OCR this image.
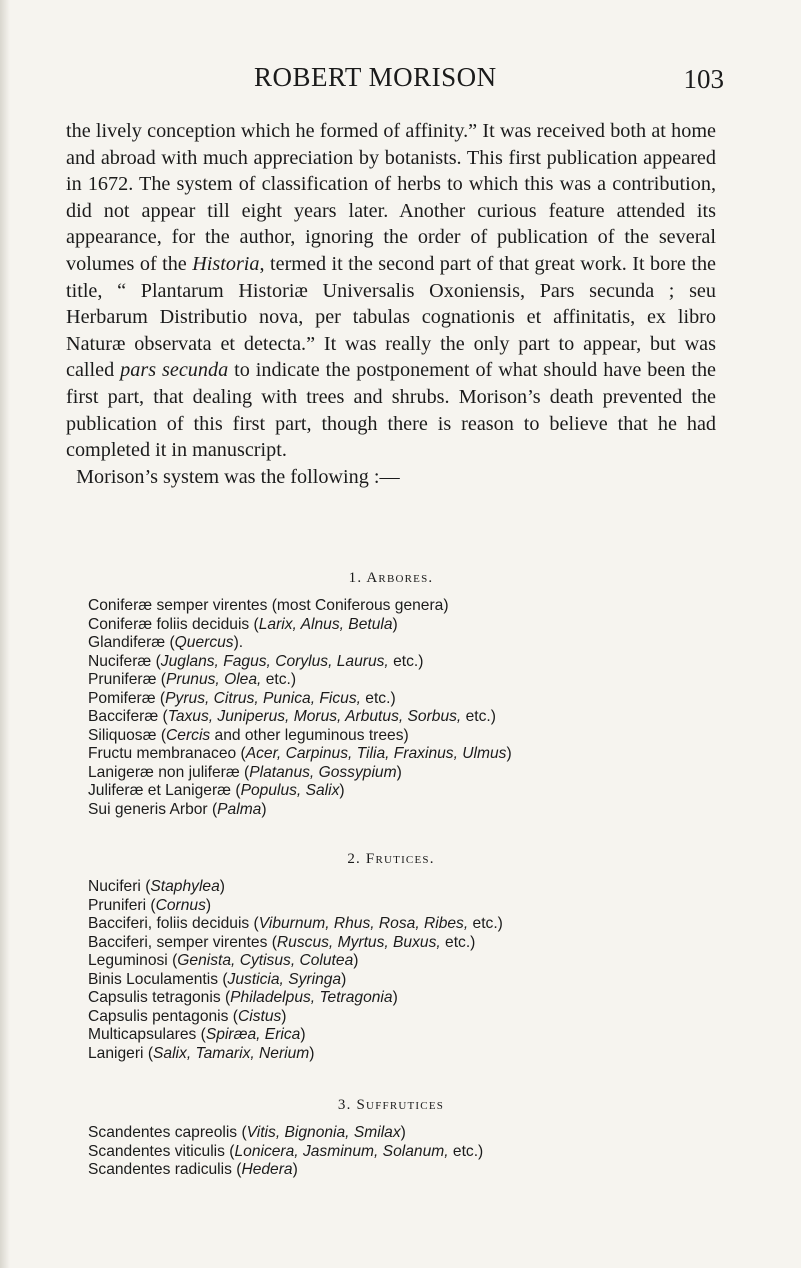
ROBERT MORISON	103

the lively conception which he formed of affinity.” It was received both at home and abroad with much appreciation by botanists. This first publication appeared in 1672. The system of classification of herbs to which this was a contribution, did not appear till eight years later. Another curious feature attended its appearance, for the author, ignoring the order of publication of the several volumes of the Historia, termed it the second part of that great work. It bore the title, “ Plantarum Historiæ Universalis Oxoniensis, Pars secunda ; seu Herbarum Distributio nova, per tabulas cognationis et affinitatis, ex libro Naturæ observata et detecta.” It was really the only part to appear, but was called pars secunda to indicate the postponement of what should have been the first part, that dealing with trees and shrubs. Morison’s death prevented the publication of this first part, though there is reason to believe that he had completed it in manuscript.

 Morison’s system was the following :—

1. Arbores.
Coniferæ semper virentes (most Coniferous genera)
Coniferæ foliis deciduis (Larix, Alnus, Betula)
Glandiferæ (Quercus).
Nuciferæ (Juglans, Fagus, Corylus, Laurus, etc.)
Pruniferæ (Prunus, Olea, etc.)
Pomiferæ (Pyrus, Citrus, Punica, Ficus, etc.)
Bacciferæ (Taxus, Juniperus, Morus, Arbutus, Sorbus, etc.)
Siliquosæ (Cercis and other leguminous trees)
Fructu membranaceo (Acer, Carpinus, Tilia, Fraxinus, Ulmus)
Lanigeræ non juliferæ (Platanus, Gossypium)
Juliferæ et Lanigeræ (Populus, Salix)
Sui generis Arbor (Palma)
2. Frutices.
Nuciferi (Staphylea)
Pruniferi (Cornus)
Bacciferi, foliis deciduis (Viburnum, Rhus, Rosa, Ribes, etc.)
Bacciferi, semper virentes (Ruscus, Myrtus, Buxus, etc.)
Leguminosi (Genista, Cytisus, Colutea)
Binis Loculamentis (Justicia, Syringa)
Capsulis tetragonis (Philadelpus, Tetragonia)
Capsulis pentagonis (Cistus)
Multicapsulares (Spiræa, Erica)
Lanigeri (Salix, Tamarix, Nerium)
3. Suffrutices
Scandentes capreolis (Vitis, Bignonia, Smilax)
Scandentes viticulis (Lonicera, Jasminum, Solanum, etc.)
Scandentes radiculis (Hedera)
